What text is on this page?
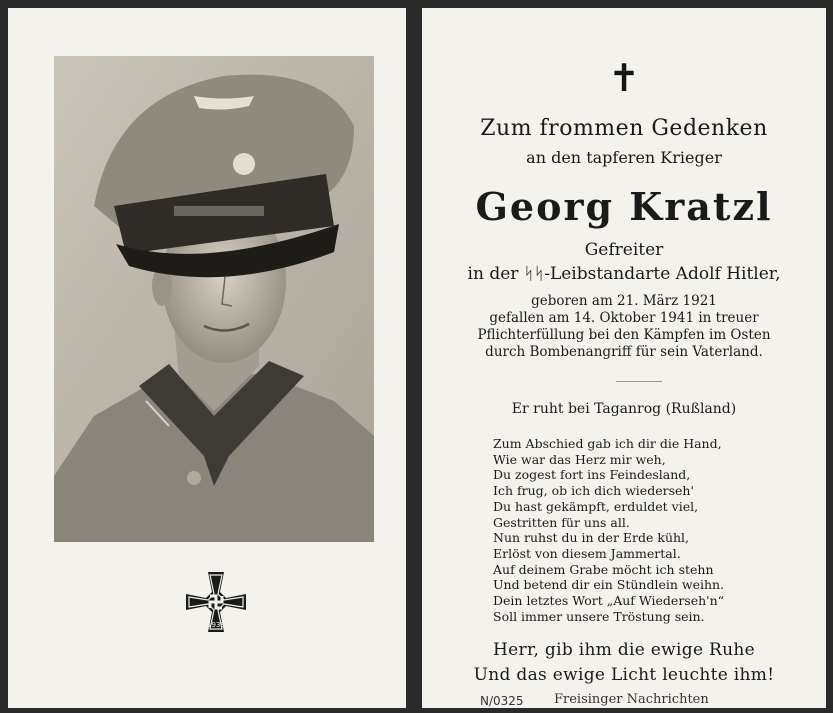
1939
✝
Zum frommen Gedenken
an den tapferen Krieger
Georg Kratzl
Gefreiter
in der ᛋᛋ-Leibstandarte Adolf Hitler,
geboren am 21. März 1921
gefallen am 14. Oktober 1941 in treuer
Pflichterfüllung bei den Kämpfen im Osten
durch Bombenangriff für sein Vaterland.
Er ruht bei Taganrog (Rußland)
Zum Abschied gab ich dir die Hand,
Wie war das Herz mir weh,
Du zogest fort ins Feindesland,
Ich frug, ob ich dich wiederseh'
Du hast gekämpft, erduldet viel,
Gestritten für uns all.
Nun ruhst du in der Erde kühl,
Erlöst von diesem Jammertal.
Auf deinem Grabe möcht ich stehn
Und betend dir ein Stündlein weihn.
Dein letztes Wort „Auf Wiederseh'n“
Soll immer unsere Tröstung sein.
Herr, gib ihm die ewige Ruhe
Und das ewige Licht leuchte ihm!
N/0325 Freisinger Nachrichten
